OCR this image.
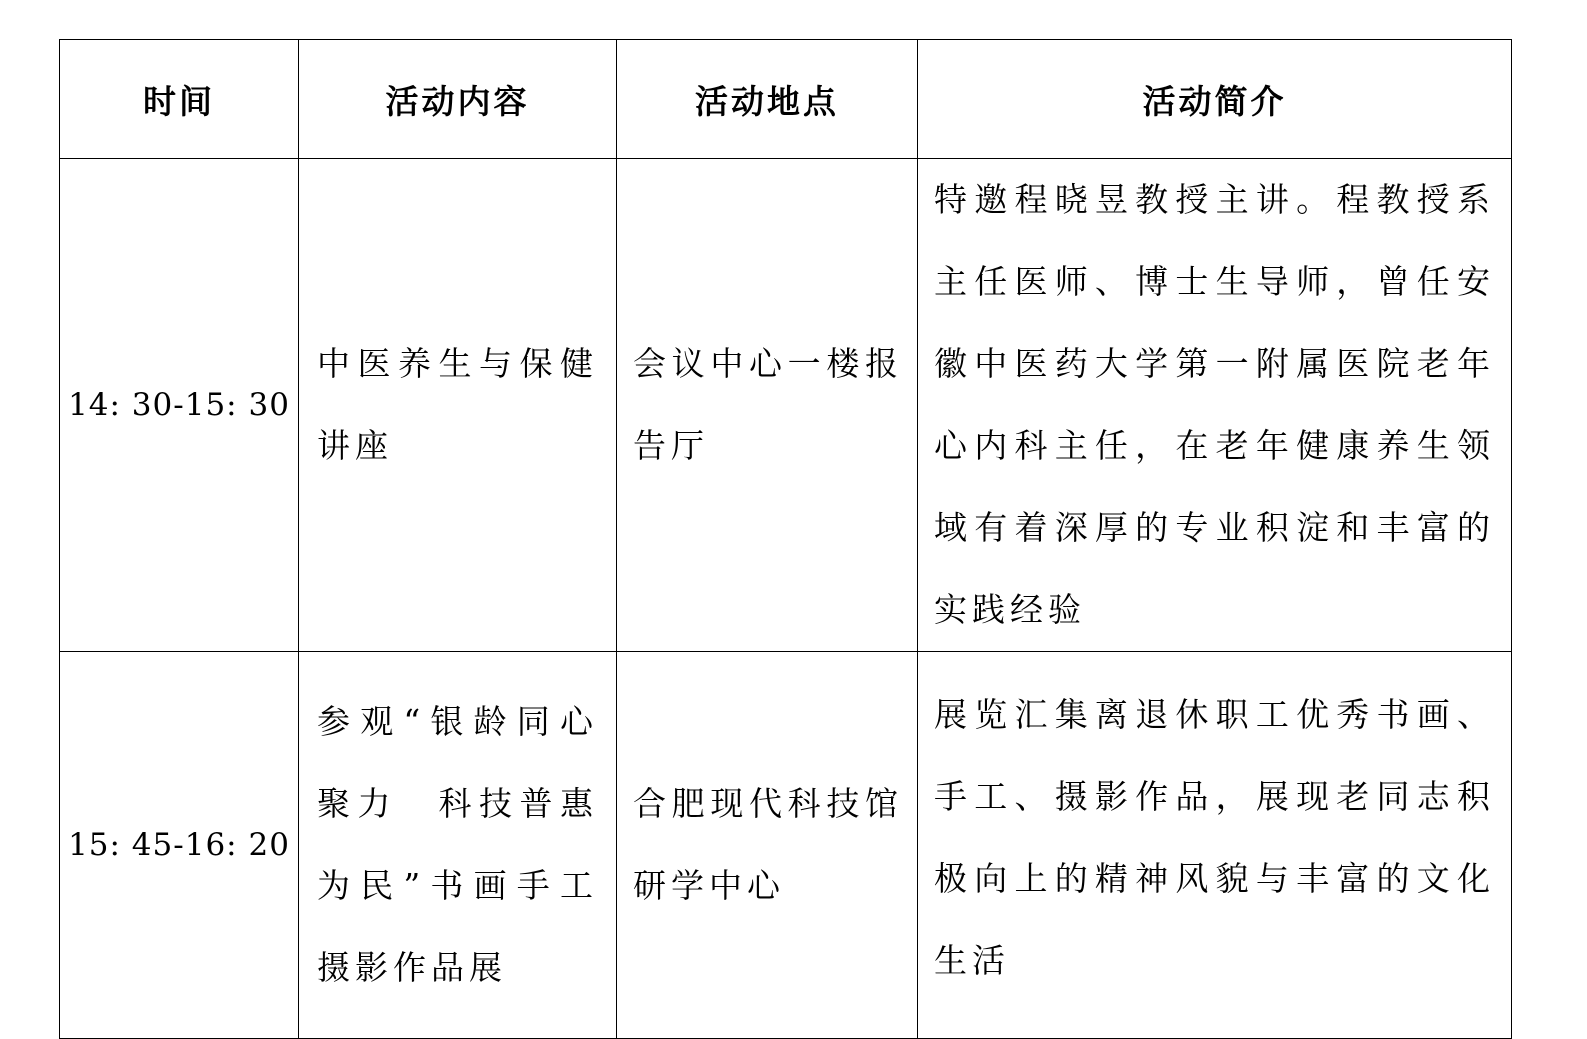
时间	活动内容	活动地点	活动简介
14: 30-15: 30	中医养生与保健讲座	会议中心一楼报告厅	特邀程晓昱教授主讲。程教授系主任医师、博士生导师，曾任安徽中医药大学第一附属医院老年心内科主任，在老年健康养生领域有着深厚的专业积淀和丰富的实践经验
15: 45-16: 20	参观“银龄同心聚力　科技普惠为民”书画手工摄影作品展	合肥现代科技馆研学中心	展览汇集离退休职工优秀书画、手工、摄影作品，展现老同志积极向上的精神风貌与丰富的文化生活
